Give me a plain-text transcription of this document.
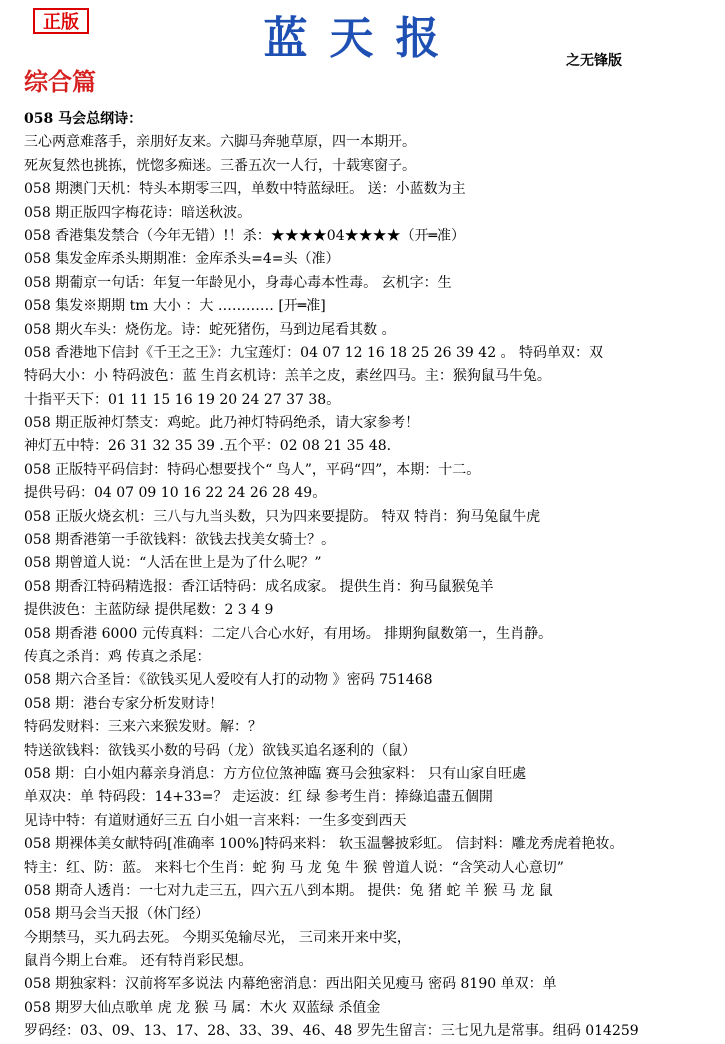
正版	蓝天报	之无锋版
综合篇
058 马会总纲诗：
三心两意难落手，亲朋好友来。六脚马奔驰草原，四一本期开。
死灰复然也挑拣，恍惚多痴迷。三番五次一人行，十载寒窗子。
058 期澳门天机：特头本期零三四，单数中特蓝绿旺。 送：小蓝数为主
058 期正版四字梅花诗：暗送秋波。
058 香港集发禁合（今年无错）!！杀：★★★★04★★★★（开═准）
058 集发金库杀头期期准：金库杀头=4=头（准）
058 期葡京一句话：年复一年龄见小，身毒心毒本性毒。 玄机字：生
058 集发※期期 tm 大小 ：大 ………… [开═准]
058 期火车头：烧伤龙。诗：蛇死猪伤，马到边尾看其数 。
058 香港地下信封《千王之王》：九宝莲灯：04 07 12 16 18 25 26 39 42 。 特码单双：双
特码大小：小 特码波色：蓝 生肖玄机诗：羔羊之皮，素丝四马。主：猴狗鼠马牛兔。
十指平天下：01 11 15 16 19 20 24 27 37 38。
058 期正版神灯禁支：鸡蛇。此乃神灯特码绝杀，请大家参考！
神灯五中特：26 31 32 35 39 .五个平：02 08 21 35 48.
058 正版特平码信封：特码心想要找个“ 鸟人”，平码“四”，本期：十二。
提供号码：04 07 09 10 16 22 24 26 28 49。
058 正版火烧玄机：三八与九当头数，只为四来要提防。 特双 特肖：狗马兔鼠牛虎
058 期香港第一手欲钱料：欲钱去找美女骑士？。
058 期曾道人说：“人活在世上是为了什么呢？”
058 期香江特码精选报：香江话特码：成名成家。 提供生肖：狗马鼠猴兔羊
提供波色：主蓝防绿 提供尾数：2 3 4 9
058 期香港 6000 元传真料：二定八合心水好，有用场。 排期狗鼠数第一，生肖静。
传真之杀肖：鸡 传真之杀尾：
058 期六合圣旨：《欲钱买见人爱咬有人打的动物 》密码 751468
058 期：港台专家分析发财诗！
特码发财料：三来六来猴发财。解：？
特送欲钱料：欲钱买小数的号码（龙）欲钱买追名逐利的（鼠）
058 期：白小姐内幕亲身消息：方方位位煞神臨 赛马会独家料： 只有山家自旺處
单双决：单 特码段：14+33=？ 走运波：红 绿 参考生肖：捧綠追盡五個開
见诗中特：有道财通好三五 白小姐一言来料：一生多变到西天
058 期裸体美女献特码[准确率 100%]特码来料： 软玉温馨披彩虹。 信封料：雕龙秀虎着艳妆。
特主：红、防：蓝。 来料七个生肖：蛇 狗 马 龙 兔 牛 猴 曾道人说：“含笑动人心意切”
058 期奇人透肖：一七对九走三五，四六五八到本期。 提供：兔 猪 蛇 羊 猴 马 龙 鼠
058 期马会当天报（休门经）
今期禁马，买九码去死。 今期买兔输尽光， 三司来开来中奖，
鼠肖今期上台难。 还有特肖彩民想。
058 期独家料：汉前将军多说法 内幕绝密消息：西出阳关见瘦马 密码 8190 单双：单
058 期罗大仙点歌单 虎 龙 猴 马 属：木火 双蓝绿 杀值金
罗码经：03、09、13、17、28、33、39、46、48 罗先生留言：三七见九是常事。组码 014259
